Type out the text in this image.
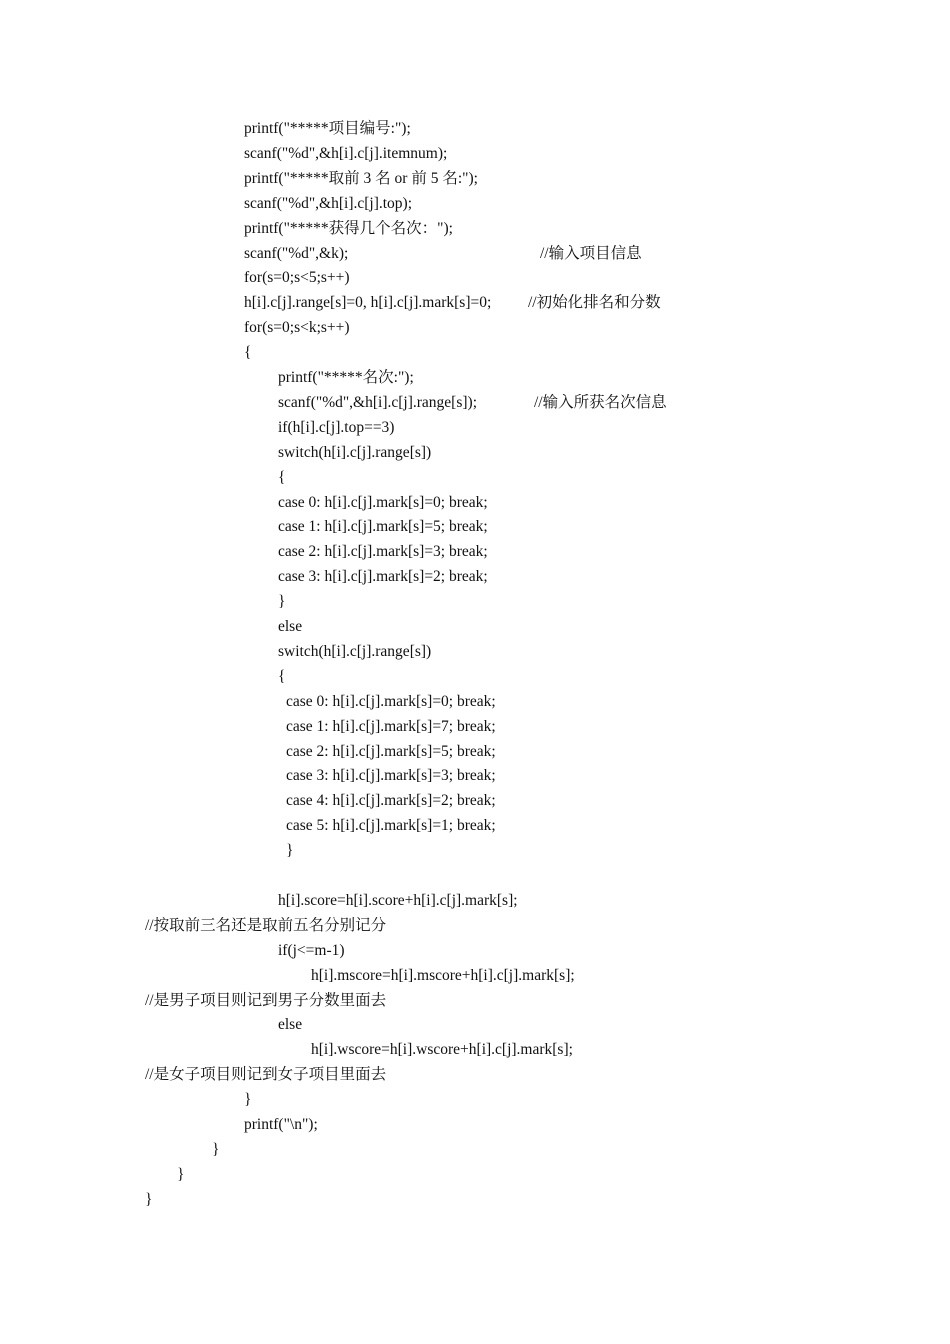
printf("*****项目编号:");
scanf("%d",&h[i].c[j].itemnum);
printf("*****取前 3 名 or 前 5 名:");
scanf("%d",&h[i].c[j].top);
printf("*****获得几个名次：");
scanf("%d",&k);	//输入项目信息
for(s=0;s<5;s++)
h[i].c[j].range[s]=0, h[i].c[j].mark[s]=0; //初始化排名和分数
for(s=0;s<k;s++)
{
printf("*****名次:");
scanf("%d",&h[i].c[j].range[s]);	//输入所获名次信息
if(h[i].c[j].top==3)
switch(h[i].c[j].range[s])
{
case 0: h[i].c[j].mark[s]=0; break;
case 1: h[i].c[j].mark[s]=5; break;
case 2: h[i].c[j].mark[s]=3; break;
case 3: h[i].c[j].mark[s]=2; break;
}
else
switch(h[i].c[j].range[s])
{
case 0: h[i].c[j].mark[s]=0; break;
case 1: h[i].c[j].mark[s]=7; break;
case 2: h[i].c[j].mark[s]=5; break;
case 3: h[i].c[j].mark[s]=3; break;
case 4: h[i].c[j].mark[s]=2; break;
case 5: h[i].c[j].mark[s]=1; break;
}
h[i].score=h[i].score+h[i].c[j].mark[s];
//按取前三名还是取前五名分别记分
if(j<=m-1)
h[i].mscore=h[i].mscore+h[i].c[j].mark[s];
//是男子项目则记到男子分数里面去
else
h[i].wscore=h[i].wscore+h[i].c[j].mark[s];
//是女子项目则记到女子项目里面去
}
printf("\n");
}
}
}
